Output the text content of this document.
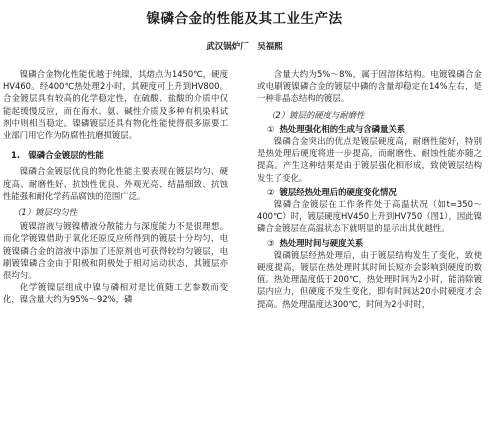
镍磷合金的性能及其工业生产法
武汉锅炉厂　吴福熙

镍磷合金物化性能优越于纯镍，其熔点为1450℃，硬度HV460。经400℃热处理2小时，其硬度可上升到HV800。合金镀层具有较高的化学稳定性，在硫酸、盐酸的介质中仅能起缓慢反应，而在海水、氨、碱性介质及多种有机染料试剂中则相当稳定。镍磷镀层还具有物化性能使得很多原要工业部门用它作为防腐性抗磨损镀层。

1.　镍磷合金镀层的性能

镍磷合金镀层优良的物化性能主要表现在镀层均匀、硬度高、耐磨性好、抗蚀性优良、外观光亮、结晶细致、抗蚀性能强和耐化学药品腐蚀的范围广泛。

（1）镀层均匀性

镀镍溶液与镀镍槽液分散能力与深度能力不是很理想。而化学镀镍借助于氧化还原反应所得到的镀层十分均匀，电镀镍磷合金的溶液中添加了还原剂也可获得较均匀镀层，电刷镀镍磷合金由于阳极和阴极处于相对运动状态，其镀层亦很均匀。

化学镀镍层组成中镍与磷相对是比值随工艺参数而变化，镍含量大约为95%～92%，磷

含量大约为5%～8%，属于固溶体结构。电镀镍磷合金或电刷镀镍磷合金的镀层中磷的含量却稳定在14%左右，是一种非晶态结构的镀层。

（2）镀层的硬度与耐磨性

① 热处理强化相的生成与含磷量关系

镍磷合金突出的优点是镀层硬度高，耐磨性能好，特别是热处理后硬度将进一步提高，而耐磨性、耐蚀性能亦随之提高。产生这种结果是由于镀层强化相形成，致使镀层结构发生了变化。

② 镀层经热处理后的硬度变化情况

镍磷合金镀层在工作条件处于高温状况（如t≈350～400℃）时，镀层硬度HV450上升到HV750（图1），因此镍磷合金镀层在高温状态下就明显的显示出其优越性。

③ 热处理时间与硬度关系

镍磷镀层经热处理后，由于镀层结构发生了变化，致使硬度提高，镀层在热处理时其时间长短亦会影响到硬度的数值。热处理温度低于200℃，热处理时间为2小时，能消除镀层内应力，但硬度不发生变化，即有时间达20小时硬度才会提高。热处理温度达300℃，时间为2小时时，
